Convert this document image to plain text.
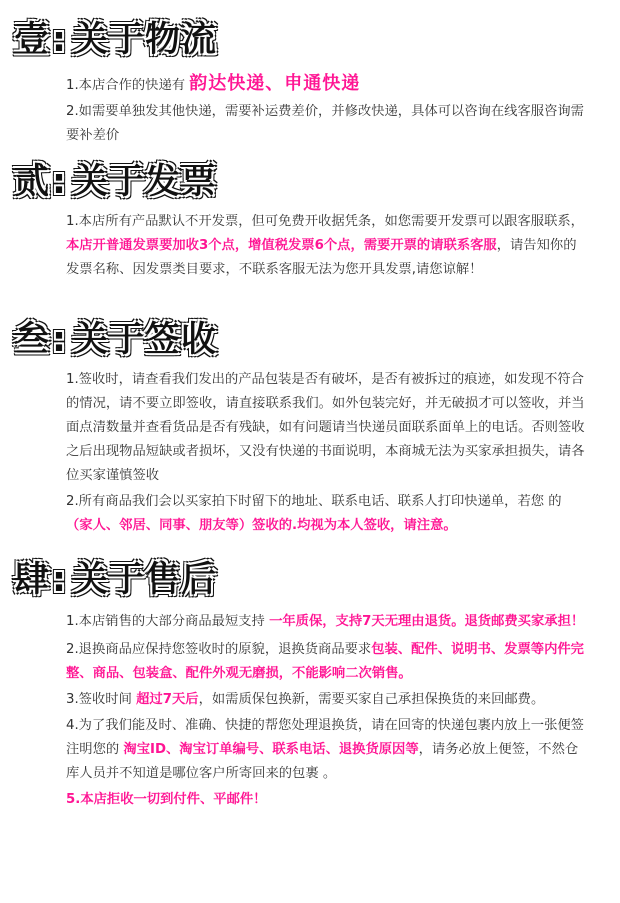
壹: 关于物流
1.本店合作的快递有 韵达快递、申通快递
2.如需要单独发其他快递，需要补运费差价，并修改快递，具体可以咨询在线客服咨询需要补差价
贰: 关于发票
1.本店所有产品默认不开发票，但可免费开收据凭条，如您需要开发票可以跟客服联系，本店开普通发票要加收3个点，增值税发票6个点，需要开票的请联系客服，请告知你的发票名称、因发票类目要求，不联系客服无法为您开具发票,请您谅解！
叁: 关于签收
1.签收时，请查看我们发出的产品包装是否有破坏，是否有被拆过的痕迹，如发现不符合的情况，请不要立即签收，请直接联系我们。如外包装完好，并无破损才可以签收，并当面点清数量并查看货品是否有残缺，如有问题请当快递员面联系面单上的电话。否则签收之后出现物品短缺或者损坏，又没有快递的书面说明，本商城无法为买家承担损失，请各位买家谨慎签收
2.所有商品我们会以买家拍下时留下的地址、联系电话、联系人打印快递单，若您 的（家人、邻居、同事、朋友等）签收的.均视为本人签收，请注意。
肆: 关于售后
1.本店销售的大部分商品最短支持 一年质保，支持7天无理由退货。退货邮费买家承担！
2.退换商品应保持您签收时的原貌，退换货商品要求包装、配件、说明书、发票等内件完整、商品、包装盒、配件外观无磨损，不能影响二次销售。
3.签收时间 超过7天后，如需质保包换新，需要买家自己承担保换货的来回邮费。
4.为了我们能及时、准确、快捷的帮您处理退换货，请在回寄的快递包裹内放上一张便签注明您的 淘宝ID、淘宝订单编号、联系电话、退换货原因等，请务必放上便签，不然仓库人员并不知道是哪位客户所寄回来的包裹 。
5.本店拒收一切到付件、平邮件！
